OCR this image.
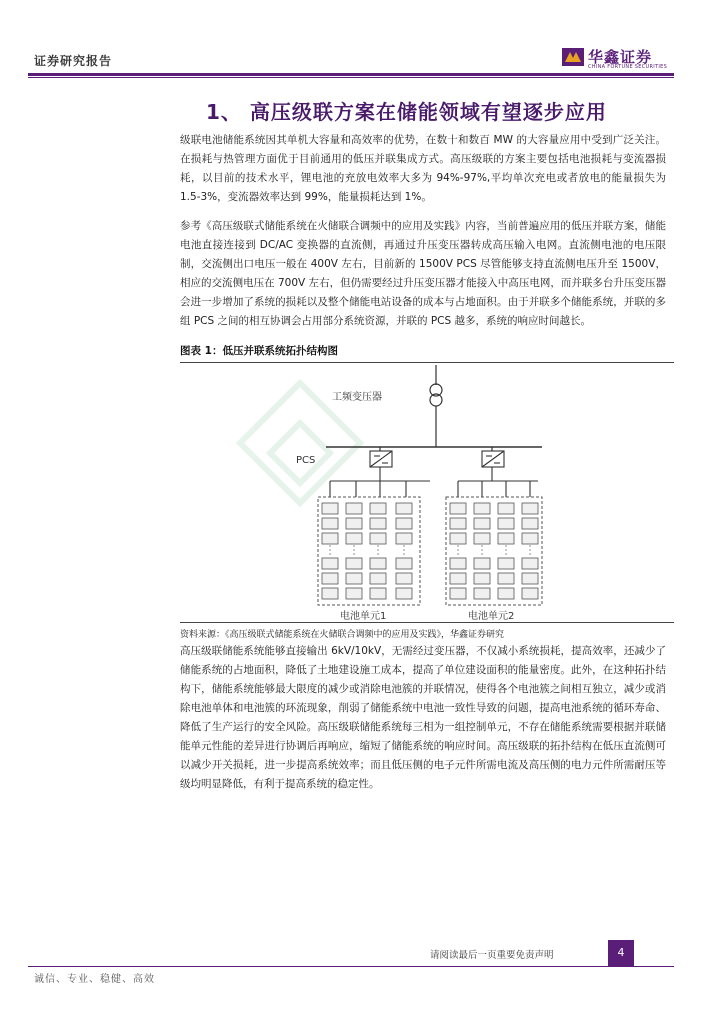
证券研究报告	华鑫证券
CHINA FORTUNE SECURITIES
1、 高压级联方案在储能领域有望逐步应用

级联电池储能系统因其单机大容量和高效率的优势，在数十和数百 MW 的大容量应用中受到广泛关注。在损耗与热管理方面优于目前通用的低压并联集成方式。高压级联的方案主要包括电池损耗与变流器损耗，以目前的技术水平，锂电池的充放电效率大多为 94%-97%,平均单次充电或者放电的能量损失为 1.5-3%，变流器效率达到 99%，能量损耗达到 1%。

参考《高压级联式储能系统在火储联合调频中的应用及实践》内容，当前普遍应用的低压并联方案，储能电池直接连接到 DC/AC 变换器的直流侧，再通过升压变压器转成高压输入电网。直流侧电池的电压限制，交流侧出口电压一般在 400V 左右，目前新的 1500V PCS 尽管能够支持直流侧电压升至 1500V，相应的交流侧电压在 700V 左右，但仍需要经过升压变压器才能接入中高压电网，而并联多台升压变压器会进一步增加了系统的损耗以及整个储能电站设备的成本与占地面积。由于并联多个储能系统，并联的多组 PCS 之间的相互协调会占用部分系统资源，并联的 PCS 越多，系统的响应时间越长。

图表 1：低压并联系统拓扑结构图
工频变压器
PCS
电池单元1	电池单元2
资料来源：《高压级联式储能系统在火储联合调频中的应用及实践》，华鑫证券研究

高压级联储能系统能够直接输出 6kV/10kV，无需经过变压器，不仅减小系统损耗，提高效率，还减少了储能系统的占地面积，降低了土地建设施工成本，提高了单位建设面积的能量密度。此外，在这种拓扑结构下，储能系统能够最大限度的减少或消除电池簇的并联情况，使得各个电池簇之间相互独立，减少或消除电池单体和电池簇的环流现象，削弱了储能系统中电池一致性导致的问题，提高电池系统的循环寿命、降低了生产运行的安全风险。高压级联储能系统每三相为一组控制单元，不存在储能系统需要根据并联储能单元性能的差异进行协调后再响应，缩短了储能系统的响应时间。高压级联的拓扑结构在低压直流侧可以减少开关损耗，进一步提高系统效率；而且低压侧的电子元件所需电流及高压侧的电力元件所需耐压等级均明显降低，有利于提高系统的稳定性。

请阅读最后一页重要免责声明	4
诚信、专业、稳健、高效
